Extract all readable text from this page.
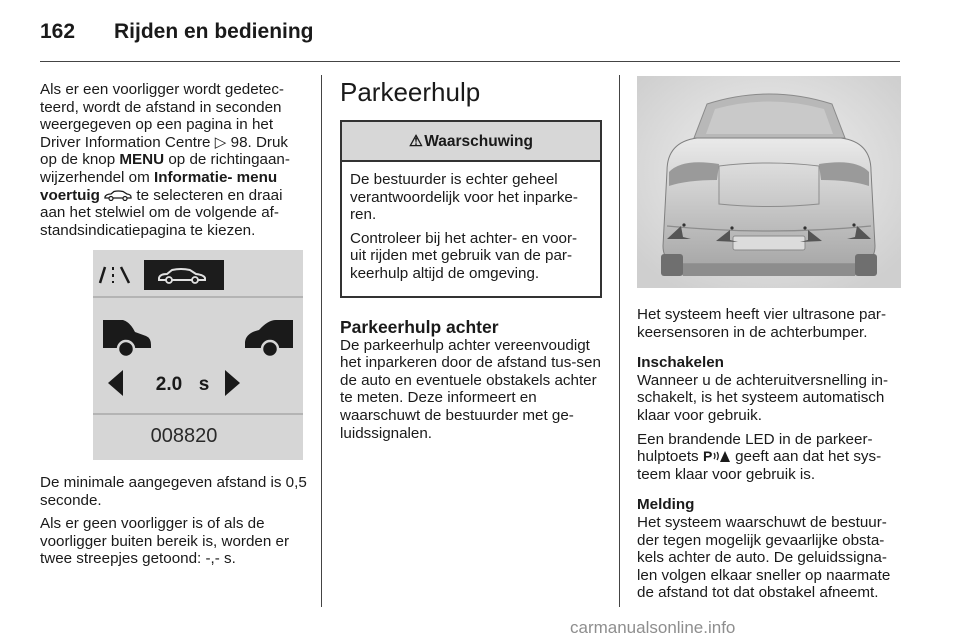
162 Rijden en bediening

Als er een voorligger wordt gedetec-teerd, wordt de afstand in seconden weergegeven op een pagina in het Driver Information Centre ▷ 98. Druk op de knop MENU op de richtingaan-wijzerhendel om Informatie- menu voertuig  te selecteren en draai aan het stelwiel om de volgende af-standsindicatiepagina te kiezen.

2.0 s
008820

De minimale aangegeven afstand is 0,5 seconde.

Als er geen voorligger is of als de voorligger buiten bereik is, worden er twee streepjes getoond: -,- s.

Parkeerhulp
⚠ Waarschuwing

De bestuurder is echter geheel verantwoordelijk voor het inparke-ren.

Controleer bij het achter- en voor-uit rijden met gebruik van de par-keerhulp altijd de omgeving.

Parkeerhulp achter

De parkeerhulp achter vereenvoudigt het inparkeren door de afstand tus-sen de auto en eventuele obstakels achter te meten. Deze informeert en waarschuwt de bestuurder met ge-luidssignalen.

Het systeem heeft vier ultrasone par-keersensoren in de achterbumper.

Inschakelen

Wanneer u de achteruitversnelling in-schakelt, is het systeem automatisch klaar voor gebruik.

Een brandende LED in de parkeer-hulptoets P geeft aan dat het sys-teem klaar voor gebruik is.

Melding

Het systeem waarschuwt de bestuur-der tegen mogelijk gevaarlijke obsta-kels achter de auto. De geluidssigna-len volgen elkaar sneller op naarmate de afstand tot dat obstakel afneemt.

carmanualsonline.info
